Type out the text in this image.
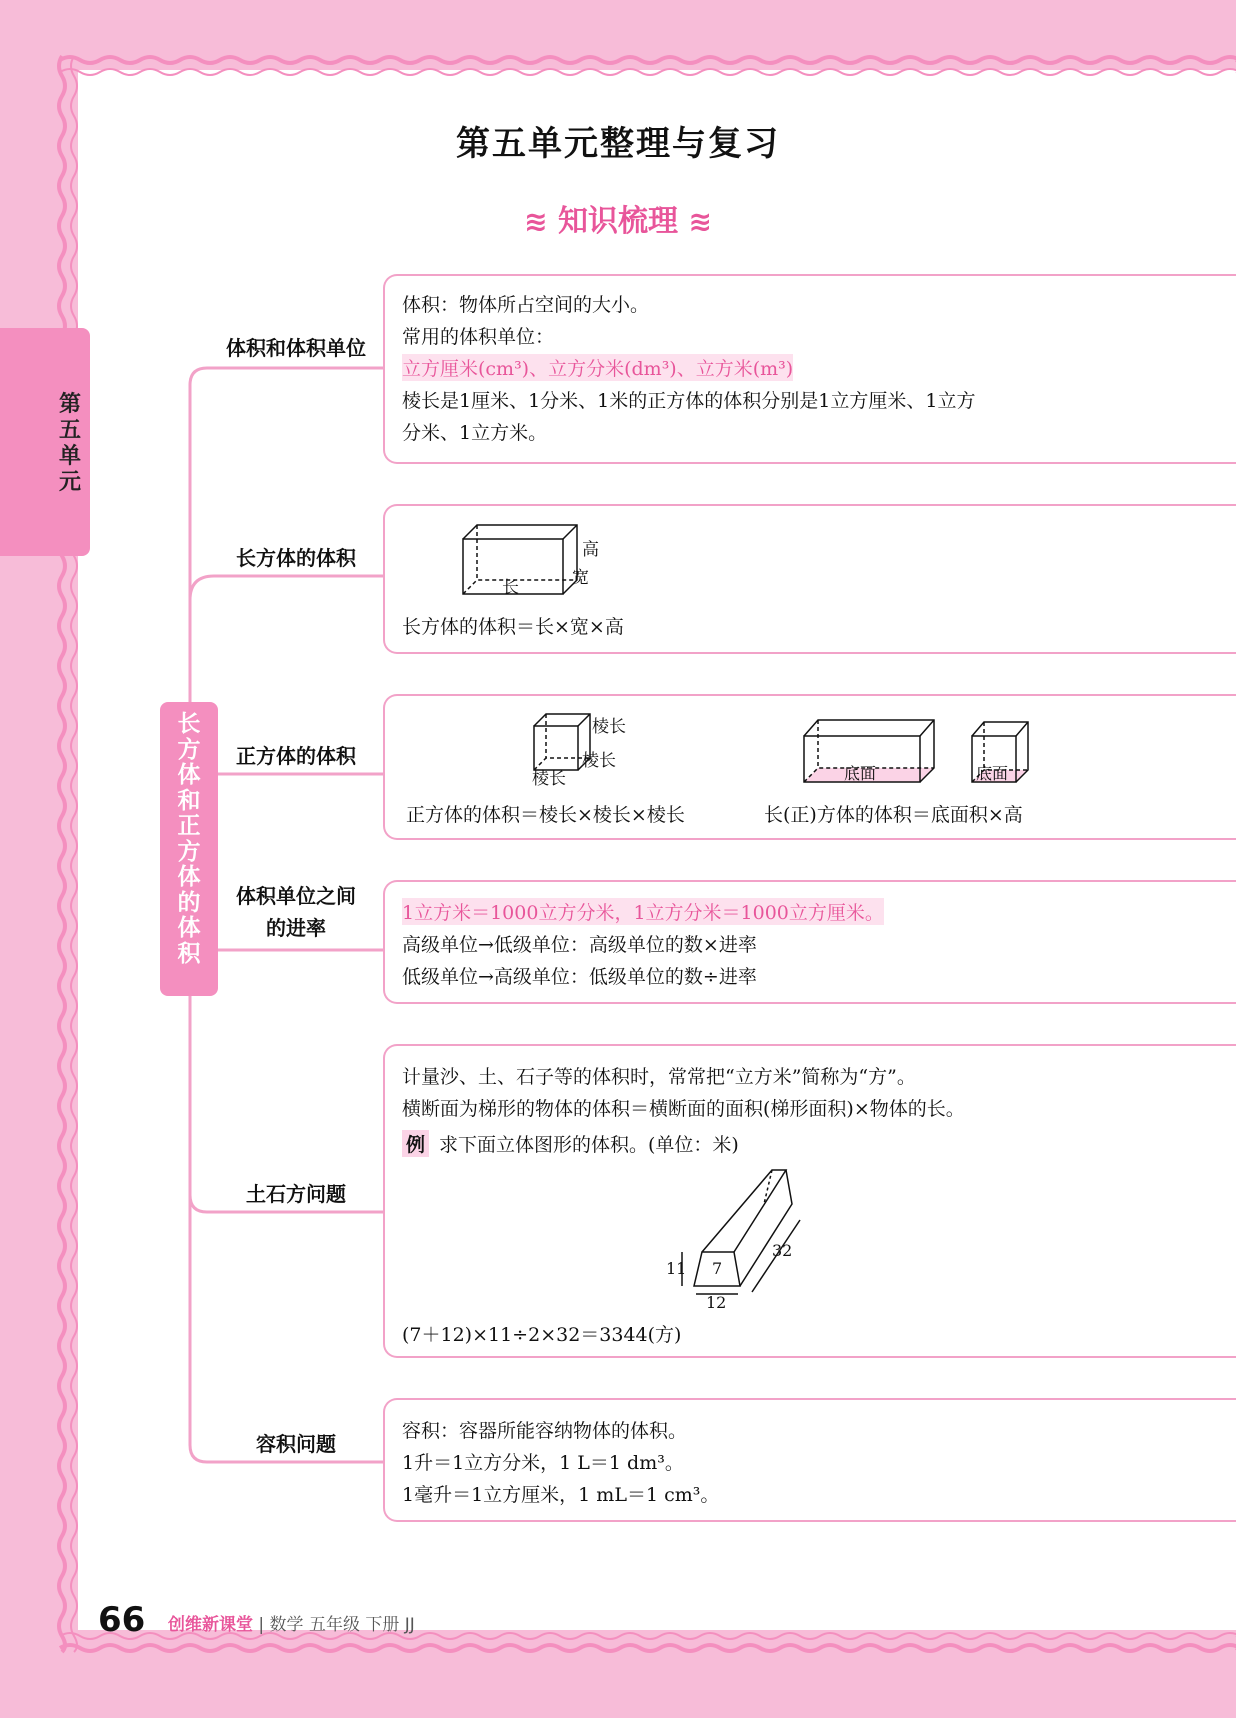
第五单元
第五单元整理与复习
≋ 知识梳理 ≋
长方体和正方体的体积
体积和体积单位
长方体的体积
正方体的体积
体积单位之间
的进率
土石方问题
容积问题
体积：物体所占空间的大小。
常用的体积单位：
立方厘米(cm³)、立方分米(dm³)、立方米(m³)
棱长是1厘米、1分米、1米的正方体的体积分别是1立方厘米、1立方
分米、1立方米。
高
宽
长
长方体的体积＝长×宽×高
棱长
棱长
棱长	底面	底面
正方体的体积＝棱长×棱长×棱长	长(正)方体的体积＝底面积×高
1立方米＝1000立方分米，1立方分米＝1000立方厘米。
高级单位→低级单位：高级单位的数×进率
低级单位→高级单位：低级单位的数÷进率
计量沙、土、石子等的体积时，常常把“立方米”简称为“方”。
横断面为梯形的物体的体积＝横断面的面积(梯形面积)×物体的长。
例 求下面立体图形的体积。(单位：米)
11 7
12
32
(7＋12)×11÷2×32＝3344(方)
容积：容器所能容纳物体的体积。
1升＝1立方分米，1 L＝1 dm³。
1毫升＝1立方厘米，1 mL＝1 cm³。
66 创维新课堂 | 数学 五年级 下册 JJ
